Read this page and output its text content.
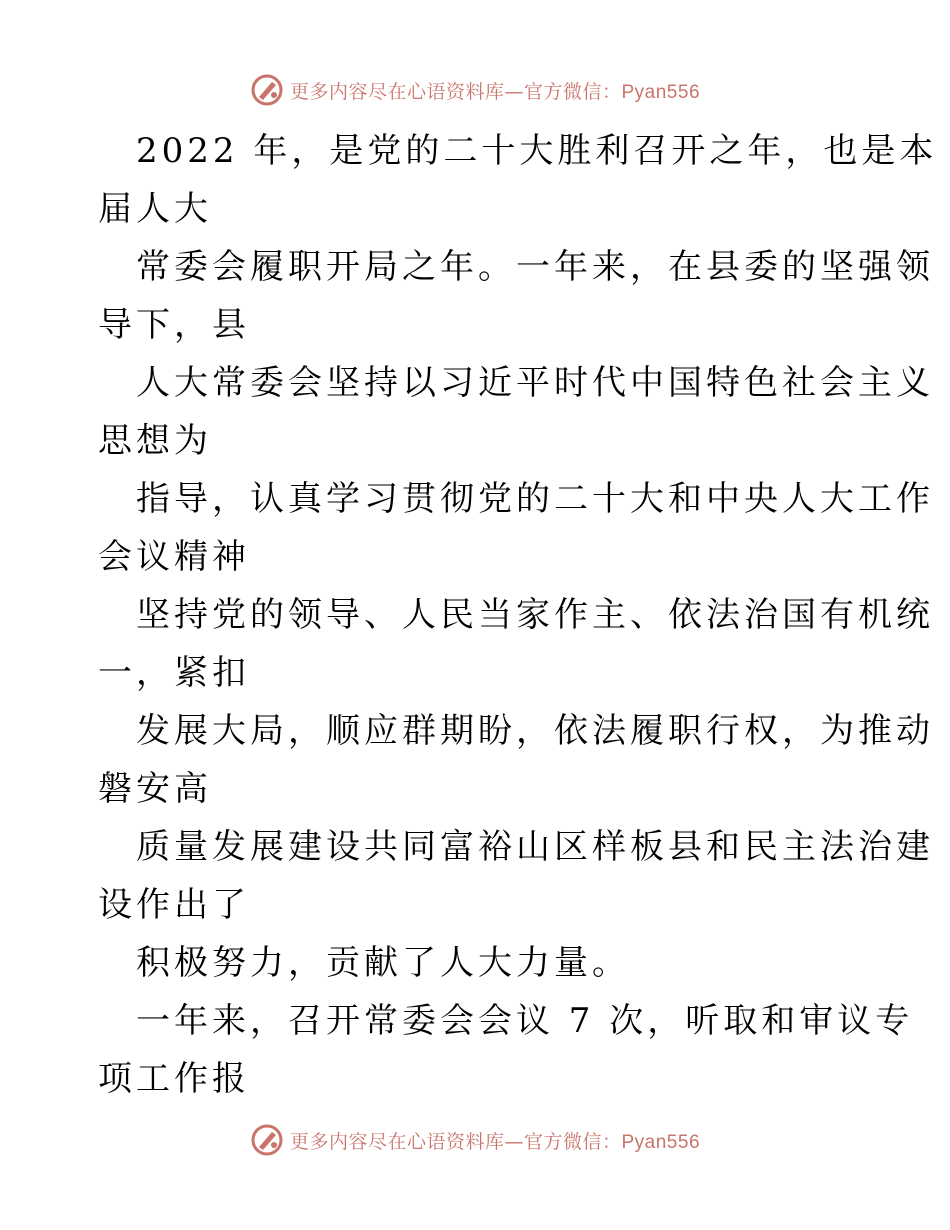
更多内容尽在心语资料库—官方微信：Pyan556
2022 年，是党的二十大胜利召开之年，也是本
届人大
常委会履职开局之年。一年来，在县委的坚强领
导下，县
人大常委会坚持以习近平时代中国特色社会主义
思想为
指导，认真学习贯彻党的二十大和中央人大工作
会议精神
坚持党的领导、人民当家作主、依法治国有机统
一，紧扣
发展大局，顺应群期盼，依法履职行权，为推动
磐安高
质量发展建设共同富裕山区样板县和民主法治建
设作出了
积极努力，贡献了人大力量。
一年来，召开常委会会议 7 次，听取和审议专
项工作报
更多内容尽在心语资料库—官方微信：Pyan556
